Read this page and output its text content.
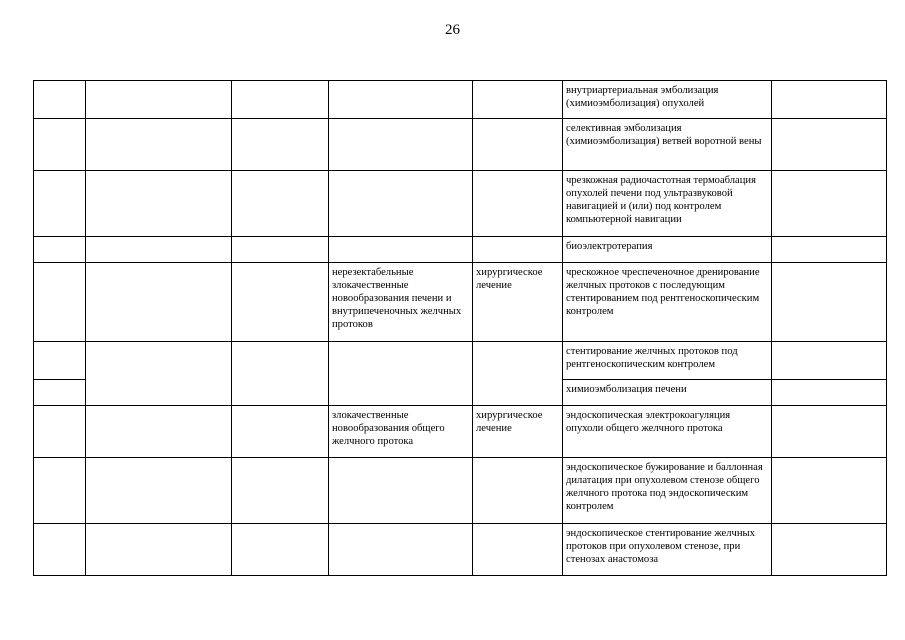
26
					внутриартериальная эмболизация (химиоэмболизация) опухолей	
					селективная эмболизация (химиоэмболизация) ветвей воротной вены	
					чрезкожная радиочастотная термоаблация опухолей печени под ультразвуковой навигацией и (или) под контролем компьютерной навигации	
					биоэлектротерапия	
			нерезектабельные злокачественные новообразования печени и внутрипеченочных желчных протоков	хирургическое лечение	чрескожное чреспеченочное дренирование желчных протоков с последующим стентированием под рентгеноскопическим контролем	
					стентирование желчных протоков под рентгеноскопическим контролем	
					химиоэмболизация печени	
			злокачественные новообразования общего желчного протока	хирургическое лечение	эндоскопическая электрокоагуляция опухоли общего желчного протока	
					эндоскопическое бужирование и баллонная дилатация при опухолевом стенозе общего желчного протока под эндоскопическим контролем	
					эндоскопическое стентирование желчных протоков при опухолевом стенозе, при стенозах анастомоза	
